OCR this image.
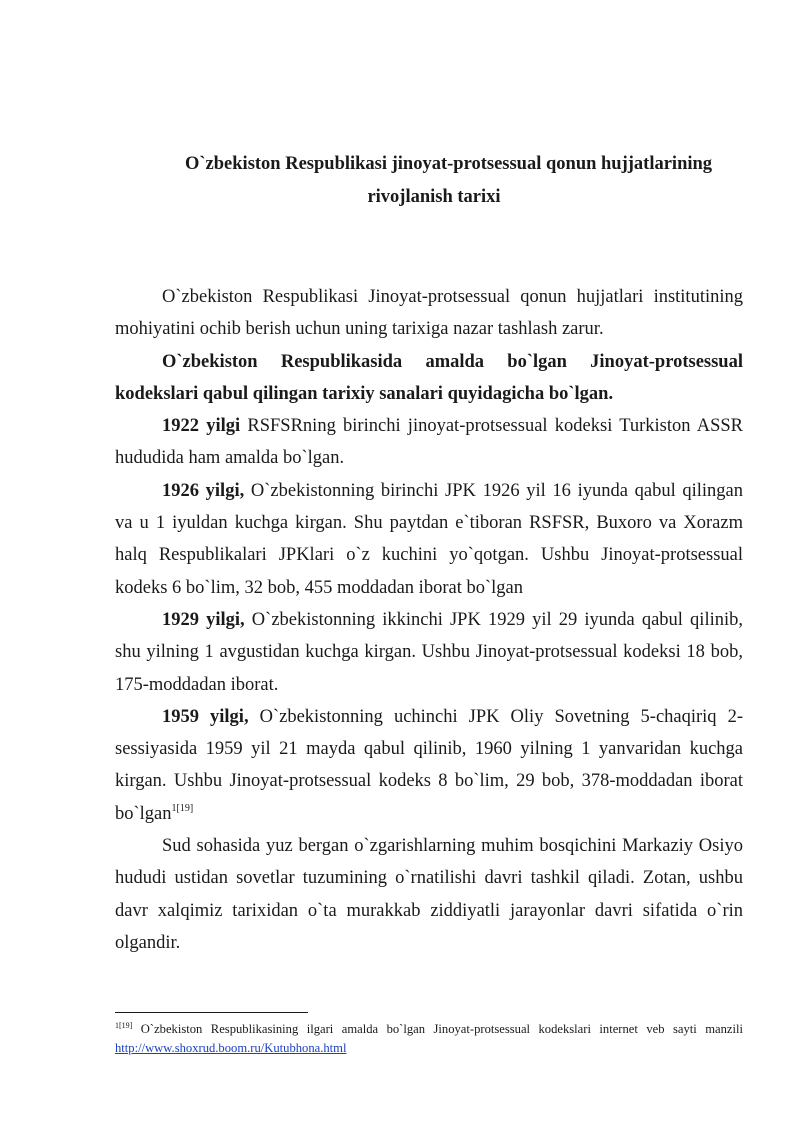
O`zbekiston Respublikasi jinoyat-protsessual qonun hujjatlarining
rivojlanish tarixi

O`zbekiston Respublikasi Jinoyat-protsessual qonun hujjatlari institutining mohiyatini ochib berish uchun uning tarixiga nazar tashlash zarur.

O`zbekiston Respublikasida amalda bo`lgan Jinoyat-protsessual kodekslari qabul qilingan tarixiy sanalari quyidagicha bo`lgan.

1922 yilgi RSFSRning birinchi jinoyat-protsessual kodeksi Turkiston ASSR hududida ham amalda bo`lgan.

1926 yilgi, O`zbekistonning birinchi JPK 1926 yil 16 iyunda qabul qilingan va u 1 iyuldan kuchga kirgan. Shu paytdan e`tiboran RSFSR, Buxoro va Xorazm halq Respublikalari JPKlari o`z kuchini yo`qotgan. Ushbu Jinoyat-protsessual kodeks 6 bo`lim, 32 bob, 455 moddadan iborat bo`lgan

1929 yilgi, O`zbekistonning ikkinchi JPK 1929 yil 29 iyunda qabul qilinib, shu yilning 1 avgustidan kuchga kirgan. Ushbu Jinoyat-protsessual kodeksi 18 bob, 175-moddadan iborat.

1959 yilgi, O`zbekistonning uchinchi JPK Oliy Sovetning 5-chaqiriq 2-sessiyasida 1959 yil 21 mayda qabul qilinib, 1960 yilning 1 yanvaridan kuchga kirgan. Ushbu Jinoyat-protsessual kodeks 8 bo`lim, 29 bob, 378-moddadan iborat bo`lgan$^{1[19]}$

Sud sohasida yuz bergan o`zgarishlarning muhim bosqichini Markaziy Osiyo hududi ustidan sovetlar tuzumining o`rnatilishi davri tashkil qiladi. Zotan, ushbu davr xalqimiz tarixidan o`ta murakkab ziddiyatli jarayonlar davri sifatida o`rin olgandir.

$^{1[19]}$ O`zbekiston Respublikasining ilgari amalda bo`lgan Jinoyat-protsessual kodekslari internet veb sayti manzili http://www.shoxrud.boom.ru/Kutubhona.html
